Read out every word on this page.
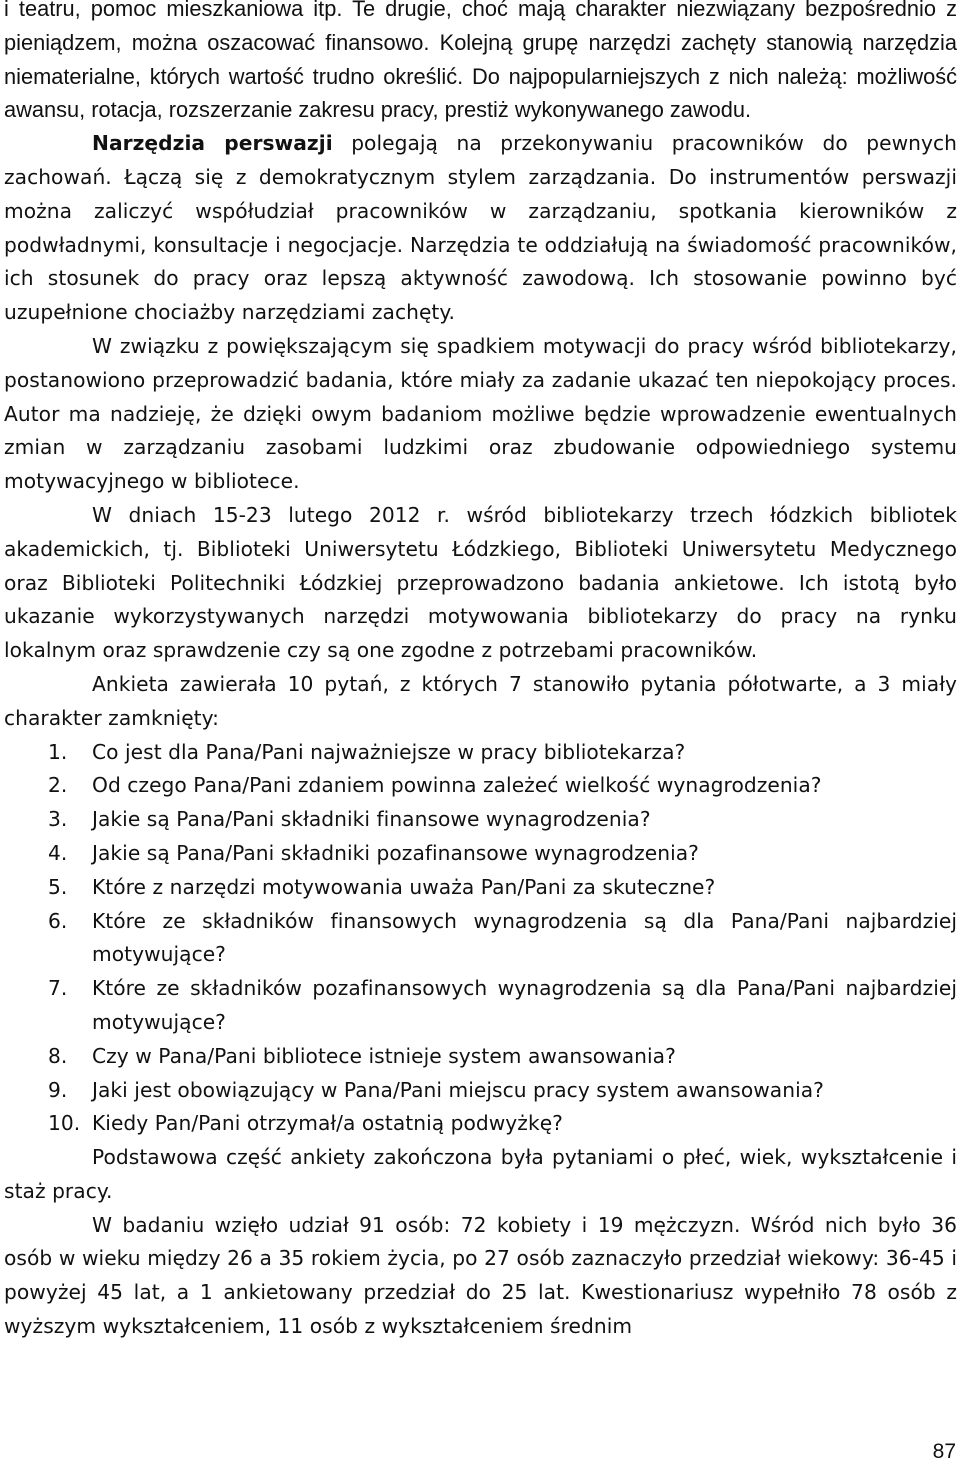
i teatru, pomoc mieszkaniowa itp. Te drugie, choć mają charakter niezwiązany bezpośrednio z pieniądzem, można oszacować finansowo. Kolejną grupę narzędzi zachęty stanowią narzędzia niematerialne, których wartość trudno określić. Do najpopularniejszych z nich należą: możliwość awansu, rotacja, rozszerzanie zakresu pracy, prestiż wykonywanego zawodu.

Narzędzia perswazji polegają na przekonywaniu pracowników do pewnych zachowań. Łączą się z demokratycznym stylem zarządzania. Do instrumentów perswazji można zaliczyć współudział pracowników w zarządzaniu, spotkania kierowników z podwładnymi, konsultacje i negocjacje. Narzędzia te oddziałują na świadomość pracowników, ich stosunek do pracy oraz lepszą aktywność zawodową. Ich stosowanie powinno być uzupełnione chociażby narzędziami zachęty.

W związku z powiększającym się spadkiem motywacji do pracy wśród bibliotekarzy, postanowiono przeprowadzić badania, które miały za zadanie ukazać ten niepokojący proces. Autor ma nadzieję, że dzięki owym badaniom możliwe będzie wprowadzenie ewentualnych zmian w zarządzaniu zasobami ludzkimi oraz zbudowanie odpowiedniego systemu motywacyjnego w bibliotece.

W dniach 15-23 lutego 2012 r. wśród bibliotekarzy trzech łódzkich bibliotek akademickich, tj. Biblioteki Uniwersytetu Łódzkiego, Biblioteki Uniwersytetu Medycznego oraz Biblioteki Politechniki Łódzkiej przeprowadzono badania ankietowe. Ich istotą było ukazanie wykorzystywanych narzędzi motywowania bibliotekarzy do pracy na rynku lokalnym oraz sprawdzenie czy są one zgodne z potrzebami pracowników.

Ankieta zawierała 10 pytań, z których 7 stanowiło pytania półotwarte, a 3 miały charakter zamknięty:

1. Co jest dla Pana/Pani najważniejsze w pracy bibliotekarza?
2. Od czego Pana/Pani zdaniem powinna zależeć wielkość wynagrodzenia?
3. Jakie są Pana/Pani składniki finansowe wynagrodzenia?
4. Jakie są Pana/Pani składniki pozafinansowe wynagrodzenia?
5. Które z narzędzi motywowania uważa Pan/Pani za skuteczne?
6. Które ze składników finansowych wynagrodzenia są dla Pana/Pani najbardziej motywujące?
7. Które ze składników pozafinansowych wynagrodzenia są dla Pana/Pani najbardziej motywujące?
8. Czy w Pana/Pani bibliotece istnieje system awansowania?
9. Jaki jest obowiązujący w Pana/Pani miejscu pracy system awansowania?
10. Kiedy Pan/Pani otrzymał/a ostatnią podwyżkę?

Podstawowa część ankiety zakończona była pytaniami o płeć, wiek, wykształcenie i staż pracy.

W badaniu wzięło udział 91 osób: 72 kobiety i 19 mężczyzn. Wśród nich było 36 osób w wieku między 26 a 35 rokiem życia, po 27 osób zaznaczyło przedział wiekowy: 36-45 i powyżej 45 lat, a 1 ankietowany przedział do 25 lat. Kwestionariusz wypełniło 78 osób z wyższym wykształceniem, 11 osób z wykształceniem średnim

87
